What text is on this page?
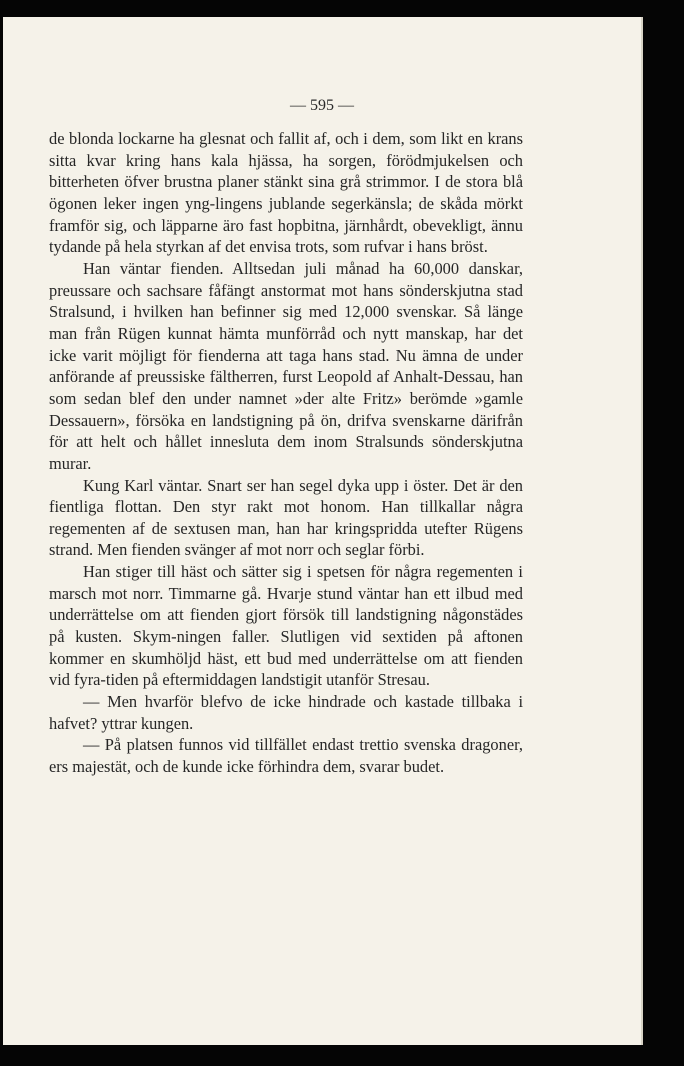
— 595 —

de blonda lockarne ha glesnat och fallit af, och i dem, som likt en krans sitta kvar kring hans kala hjässa, ha sorgen, förödmjukelsen och bitterheten öfver brustna planer stänkt sina grå strimmor. I de stora blå ögonen leker ingen yng-lingens jublande segerkänsla; de skåda mörkt framför sig, och läpparne äro fast hopbitna, järnhårdt, obevekligt, ännu tydande på hela styrkan af det envisa trots, som rufvar i hans bröst.

Han väntar fienden. Alltsedan juli månad ha 60,000 danskar, preussare och sachsare fåfängt anstormat mot hans sönderskjutna stad Stralsund, i hvilken han befinner sig med 12,000 svenskar. Så länge man från Rügen kunnat hämta munförråd och nytt manskap, har det icke varit möjligt för fienderna att taga hans stad. Nu ämna de under anförande af preussiske fältherren, furst Leopold af Anhalt-Dessau, han som sedan blef den under namnet »der alte Fritz» berömde »gamle Dessauern», försöka en landstigning på ön, drifva svenskarne därifrån för att helt och hållet innesluta dem inom Stralsunds sönderskjutna murar.

Kung Karl väntar. Snart ser han segel dyka upp i öster. Det är den fientliga flottan. Den styr rakt mot honom. Han tillkallar några regementen af de sextusen man, han har kringspridda utefter Rügens strand. Men fienden svänger af mot norr och seglar förbi.

Han stiger till häst och sätter sig i spetsen för några regementen i marsch mot norr. Timmarne gå. Hvarje stund väntar han ett ilbud med underrättelse om att fienden gjort försök till landstigning någonstädes på kusten. Skym-ningen faller. Slutligen vid sextiden på aftonen kommer en skumhöljd häst, ett bud med underrättelse om att fienden vid fyra-tiden på eftermiddagen landstigit utanför Stresau.

— Men hvarför blefvo de icke hindrade och kastade tillbaka i hafvet? yttrar kungen.

— På platsen funnos vid tillfället endast trettio svenska dragoner, ers majestät, och de kunde icke förhindra dem, svarar budet.
